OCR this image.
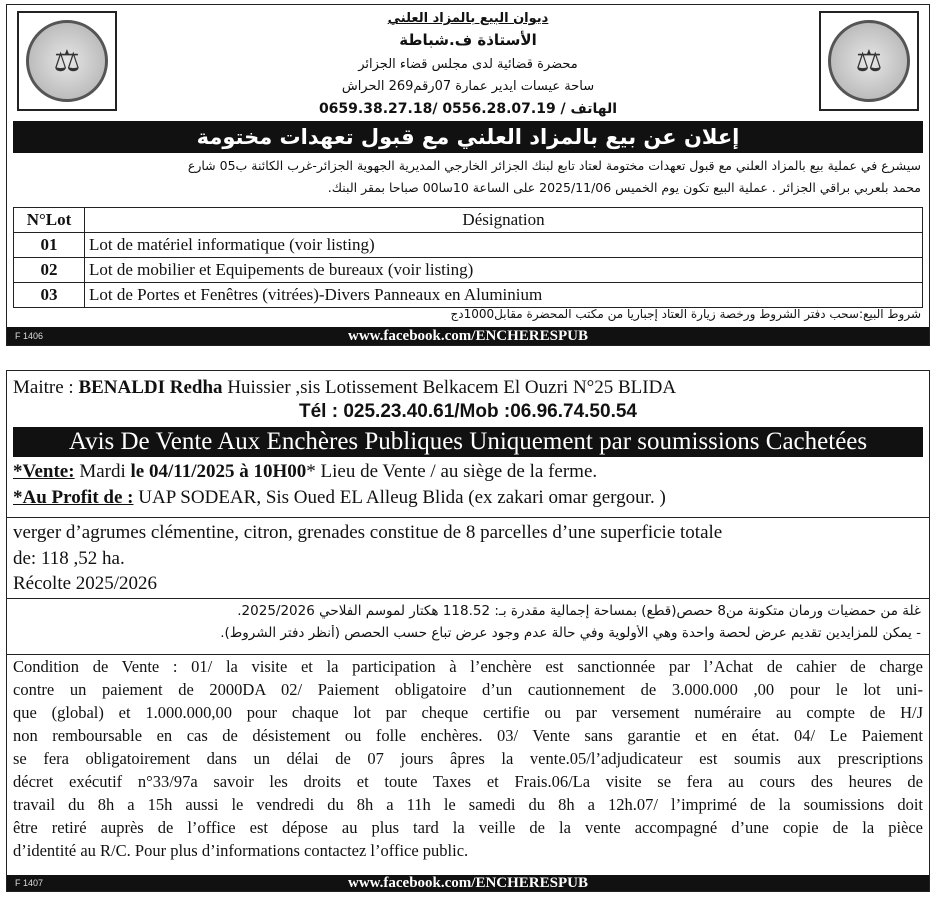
⚖	⚖
ديوان البيع بالمزاد العلني
الأستاذة ف.شباطة
محضرة قضائية لدى مجلس قضاء الجزائر
ساحة عيسات ايدير عمارة 07رقم269 الحراش
الهاتف / 0556.28.07.19 /0659.38.27.18
إعلان عن بيع بالمزاد العلني مع قبول تعهدات مختومة
سيشرع في عملية بيع بالمزاد العلني مع قبول تعهدات مختومة لعتاد تابع لبنك الجزائر الخارجي المديرية الجهوية الجزائر-غرب الكائنة ب05 شارع
محمد بلعربي براقي الجزائر . عملية البيع تكون يوم الخميس 2025/11/06 على الساعة 10سا00 صباحا بمقر البنك.
N°Lot	Désignation
01	Lot de matériel informatique (voir listing)
02	Lot de mobilier et Equipements de bureaux (voir listing)
03	Lot de Portes et Fenêtres (vitrées)-Divers Panneaux en Aluminium
شروط البيع:سحب دفتر الشروط ورخصة زيارة العتاد إجباريا من مكتب المحضرة مقابل1000دج
www.facebook.com/ENCHERESPUB
F 1406
Maitre : BENALDI Redha Huissier ,sis Lotissement Belkacem El Ouzri N°25 BLIDA
Tél : 025.23.40.61/Mob :06.96.74.50.54
Avis De Vente Aux Enchères Publiques Uniquement par soumissions Cachetées
*Vente: Mardi le 04/11/2025 à 10H00* Lieu de Vente / au siège de la ferme.
*Au Profit de : UAP SODEAR, Sis Oued EL Alleug Blida (ex zakari omar gergour. )
verger d’agrumes clémentine, citron, grenades constitue de 8 parcelles d’une superficie totale
de: 118 ,52 ha.
Récolte 2025/2026
غلة من حمضيات ورمان متكونة من8 حصص(قطع) بمساحة إجمالية مقدرة بـ: 118.52 هكتار لموسم الفلاحي 2025/2026.
- يمكن للمزايدين تقديم عرض لحصة واحدة وهي الأولوية وفي حالة عدم وجود عرض تباع حسب الحصص (أنظر دفتر الشروط).
Condition de Vente : 01/ la visite et la participation à l’enchère est sanctionnée par l’Achat de cahier de charge
contre un paiement de 2000DA 02/ Paiement obligatoire d’un cautionnement de 3.000.000 ,00 pour le lot uni-
que (global) et 1.000.000,00 pour chaque lot par cheque certifie ou par versement numéraire au compte de H/J
non remboursable en cas de désistement ou folle enchères. 03/ Vente sans garantie et en état. 04/ Le Paiement
se fera obligatoirement dans un délai de 07 jours âpres la vente.05/l’adjudicateur est soumis aux prescriptions
décret exécutif n°33/97a savoir les droits et toute Taxes et Frais.06/La visite se fera au cours des heures de
travail du 8h a 15h aussi le vendredi du 8h a 11h le samedi du 8h a 12h.07/ l’imprimé de la soumissions doit
être retiré auprès de l’office est dépose au plus tard la veille de la vente accompagné d’une copie de la pièce
d’identité au R/C. Pour plus d’informations contactez l’office public.
www.facebook.com/ENCHERESPUB
F 1407
